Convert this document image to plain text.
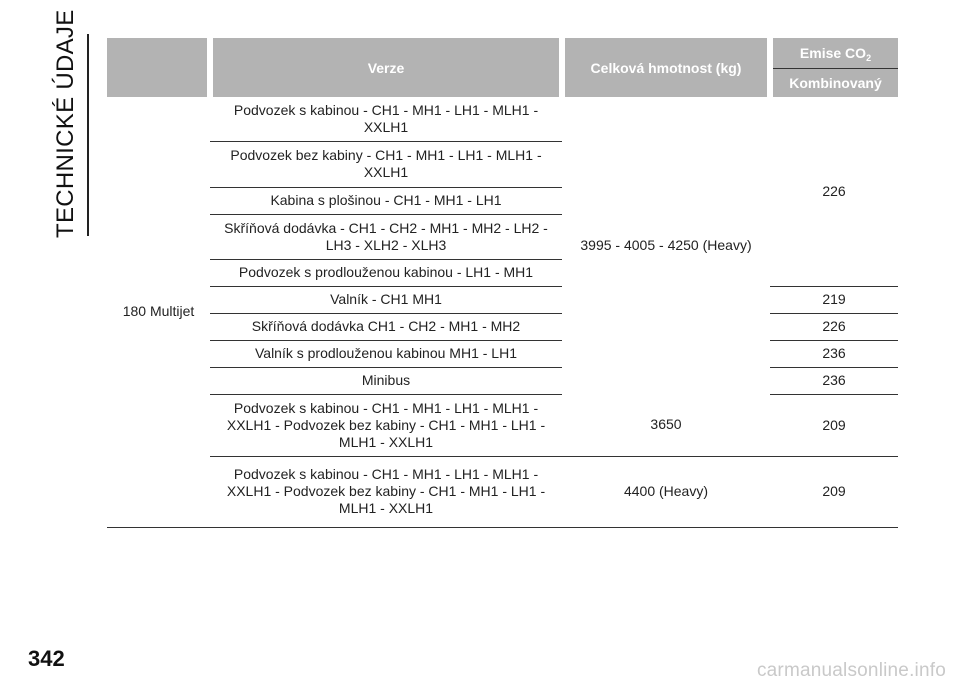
TECHNICKÉ ÚDAJE
		Verze	Celková hmotnost (kg)	Emise $CO_2$
			Kombinovaný
180 Multijet	Podvozek s kabinou - CH1 - MH1 - LH1 - MLH1 - XXLH1	3995 - 4005 - 4250 (Heavy)	226
	Podvozek bez kabiny - CH1 - MH1 - LH1 - MLH1 - XXLH1		
	Kabina s plošinou - CH1 - MH1 - LH1		
	Skříňová dodávka - CH1 - CH2 - MH1 - MH2 - LH2 - LH3 - XLH2 - XLH3		
	Podvozek s prodlouženou kabinou - LH1 - MH1		
	Valník - CH1 MH1		219
	Skříňová dodávka CH1 - CH2 - MH1 - MH2		226
	Valník s prodlouženou kabinou MH1 - LH1		236
	Minibus		236
	Podvozek s kabinou - CH1 - MH1 - LH1 - MLH1 - XXLH1 - Podvozek bez kabiny - CH1 - MH1 - LH1 - MLH1 - XXLH1	3650	209
	Podvozek s kabinou - CH1 - MH1 - LH1 - MLH1 - XXLH1 - Podvozek bez kabiny - CH1 - MH1 - LH1 - MLH1 - XXLH1	4400 (Heavy)	209
342	carmanualsonline.info
